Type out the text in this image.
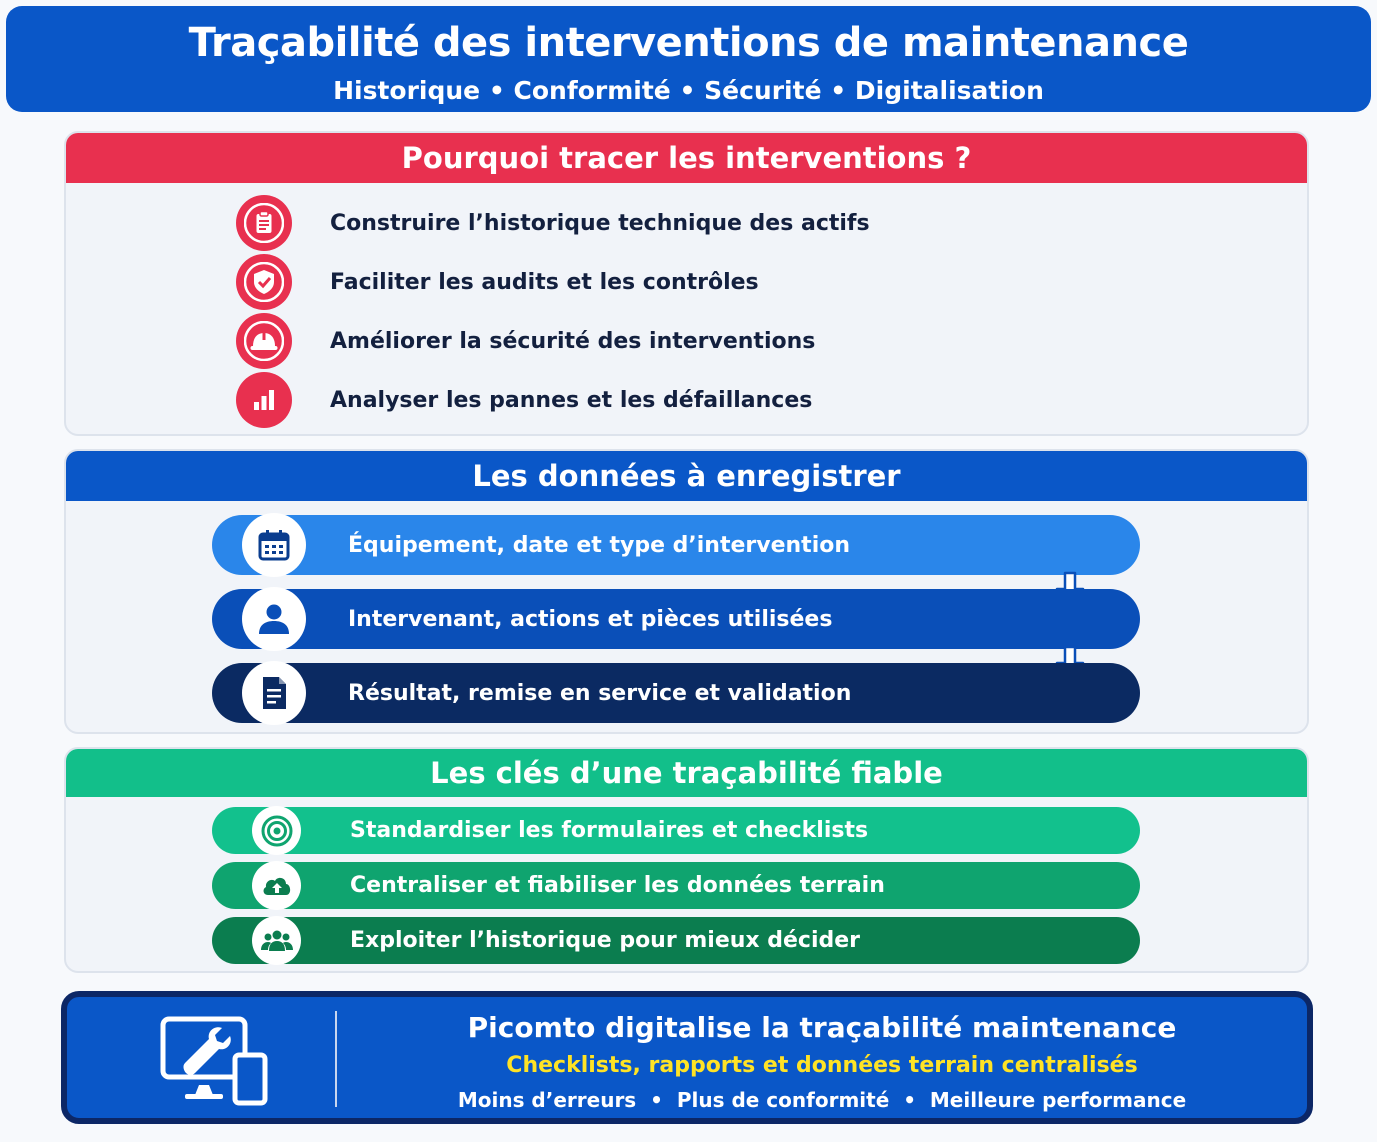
Traçabilité des interventions de maintenance
Historique • Conformité • Sécurité • Digitalisation
Pourquoi tracer les interventions ?
Construire l’historique technique des actifs
Faciliter les audits et les contrôles
Améliorer la sécurité des interventions
Analyser les pannes et les défaillances
Les données à enregistrer
Équipement, date et type d’intervention
Intervenant, actions et pièces utilisées
Résultat, remise en service et validation
Les clés d’une traçabilité fiable
Standardiser les formulaires et checklists
Centraliser et fiabiliser les données terrain
Exploiter l’historique pour mieux décider
Picomto digitalise la traçabilité maintenance
Checklists, rapports et données terrain centralisés
Moins d’erreurs  •  Plus de conformité  •  Meilleure performance
